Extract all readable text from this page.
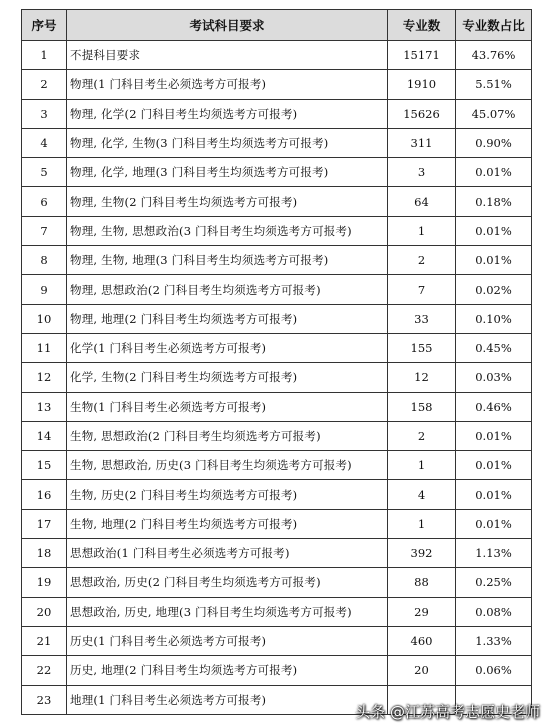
序号	考试科目要求	专业数	专业数占比
1	不提科目要求	15171	43.76%
2	物理(1 门科目考生必须选考方可报考)	1910	5.51%
3	物理, 化学(2 门科目考生均须选考方可报考)	15626	45.07%
4	物理, 化学, 生物(3 门科目考生均须选考方可报考)	311	0.90%
5	物理, 化学, 地理(3 门科目考生均须选考方可报考)	3	0.01%
6	物理, 生物(2 门科目考生均须选考方可报考)	64	0.18%
7	物理, 生物, 思想政治(3 门科目考生均须选考方可报考)	1	0.01%
8	物理, 生物, 地理(3 门科目考生均须选考方可报考)	2	0.01%
9	物理, 思想政治(2 门科目考生均须选考方可报考)	7	0.02%
10	物理, 地理(2 门科目考生均须选考方可报考)	33	0.10%
11	化学(1 门科目考生必须选考方可报考)	155	0.45%
12	化学, 生物(2 门科目考生均须选考方可报考)	12	0.03%
13	生物(1 门科目考生必须选考方可报考)	158	0.46%
14	生物, 思想政治(2 门科目考生均须选考方可报考)	2	0.01%
15	生物, 思想政治, 历史(3 门科目考生均须选考方可报考)	1	0.01%
16	生物, 历史(2 门科目考生均须选考方可报考)	4	0.01%
17	生物, 地理(2 门科目考生均须选考方可报考)	1	0.01%
18	思想政治(1 门科目考生必须选考方可报考)	392	1.13%
19	思想政治, 历史(2 门科目考生均须选考方可报考)	88	0.25%
20	思想政治, 历史, 地理(3 门科目考生均须选考方可报考)	29	0.08%
21	历史(1 门科目考生必须选考方可报考)	460	1.33%
22	历史, 地理(2 门科目考生均须选考方可报考)	20	0.06%
23	地理(1 门科目考生必须选考方可报考)		
头条 @江苏高考志愿史老师
